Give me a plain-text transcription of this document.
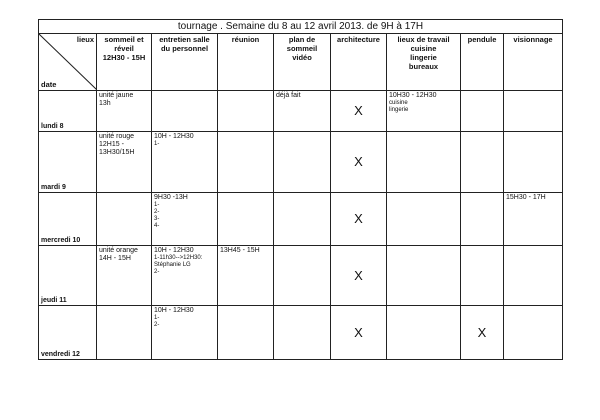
tournage . Semaine du 8 au 12 avril 2013. de 9H à 17H								

lieux
date	sommeil et
réveil
12H30 - 15H	entretien salle
du personnel	réunion	plan de
sommeil
vidéo	architecture	lieux de travail
cuisine
lingerie
bureaux	pendule	visionnage

lundi 8	unité jaune
13h			déjà fait	X	10H30 - 12H30
cuisine
lingerie		

mardi 9	unité rouge
12H15 -
13H30/15H	10H - 12H30
1-			X			

mercredi 10		9H30 -13H
1-
2-
3-
4-			X			15H30 - 17H

jeudi 11	unité orange
14H - 15H	10H - 12H30
1-11h30-->12H30:
Stéphanie LG
2-	13H45 - 15H		X			

vendredi 12		10H - 12H30
1-
2-			X		X	
